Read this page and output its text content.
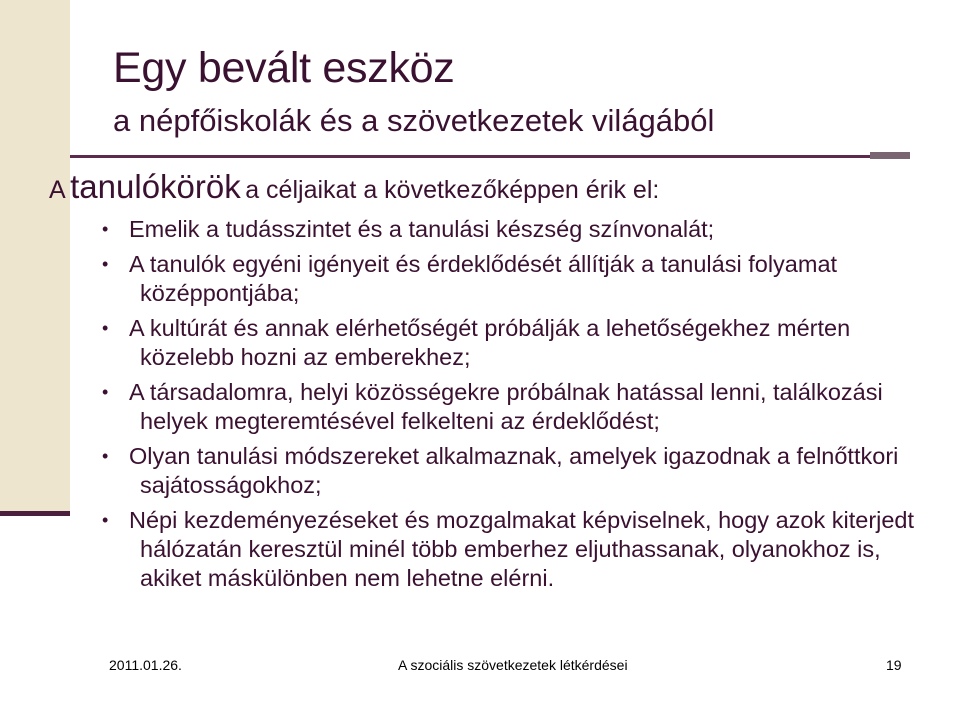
Egy bevált eszköz
a népfőiskolák és a szövetkezetek világából
A tanulókörök a céljaikat a következőképpen érik el:
• Emelik a tudásszintet és a tanulási készség színvonalát;
• A tanulók egyéni igényeit és érdeklődését állítják a tanulási folyamat középpontjába;
• A kultúrát és annak elérhetőségét próbálják a lehetőségekhez mérten közelebb hozni az emberekhez;
• A társadalomra, helyi közösségekre próbálnak hatással lenni, találkozási helyek megteremtésével felkelteni az érdeklődést;
• Olyan tanulási módszereket alkalmaznak, amelyek igazodnak a felnőttkori sajátosságokhoz;
• Népi kezdeményezéseket és mozgalmakat képviselnek, hogy azok kiterjedt hálózatán keresztül minél több emberhez eljuthassanak, olyanokhoz is, akiket máskülönben nem lehetne elérni.
2011.01.26.	A szociális szövetkezetek létkérdései	19
